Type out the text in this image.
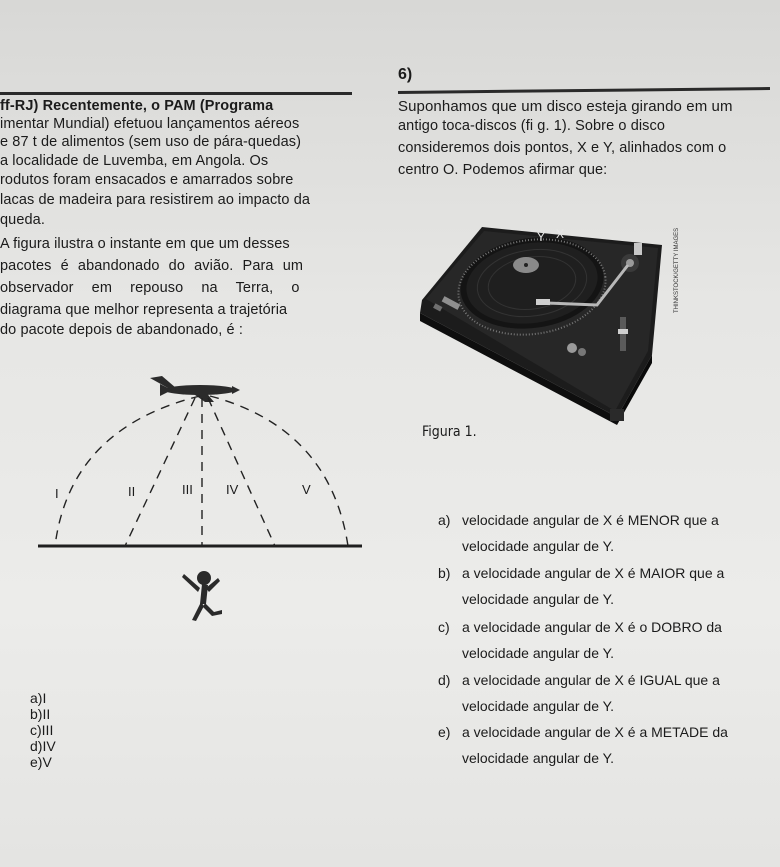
6)
ff-RJ) Recentemente, o PAM (Programa
imentar Mundial) efetuou lançamentos aéreos
e 87 t de alimentos (sem uso de pára-quedas)
a localidade de Luvemba, em Angola. Os
rodutos foram ensacados e amarrados sobre
lacas de madeira para resistirem ao impacto da
queda.
A figura ilustra o instante em que um desses
pacotes é abandonado do avião. Para um
observador em repouso na Terra, o
diagrama que melhor representa a trajetória
do pacote depois de abandonado, é :
Suponhamos que um disco esteja girando em um
antigo toca-discos (fi g. 1). Sobre o disco
consideremos dois pontos, X e Y, alinhados com o
centro O. Podemos afirmar que:
I	II	III	IV	V
a)I
b)II
c)III
d)IV
e)V
Y X	THINKSTOCK/GETTY IMAGES
Figura 1.
a) velocidade angular de X é MENOR que a
velocidade angular de Y.
b) a velocidade angular de X é MAIOR que a
velocidade angular de Y.
c) a velocidade angular de X é o DOBRO da
velocidade angular de Y.
d) a velocidade angular de X é IGUAL que a
velocidade angular de Y.
e) a velocidade angular de X é a METADE da
velocidade angular de Y.
